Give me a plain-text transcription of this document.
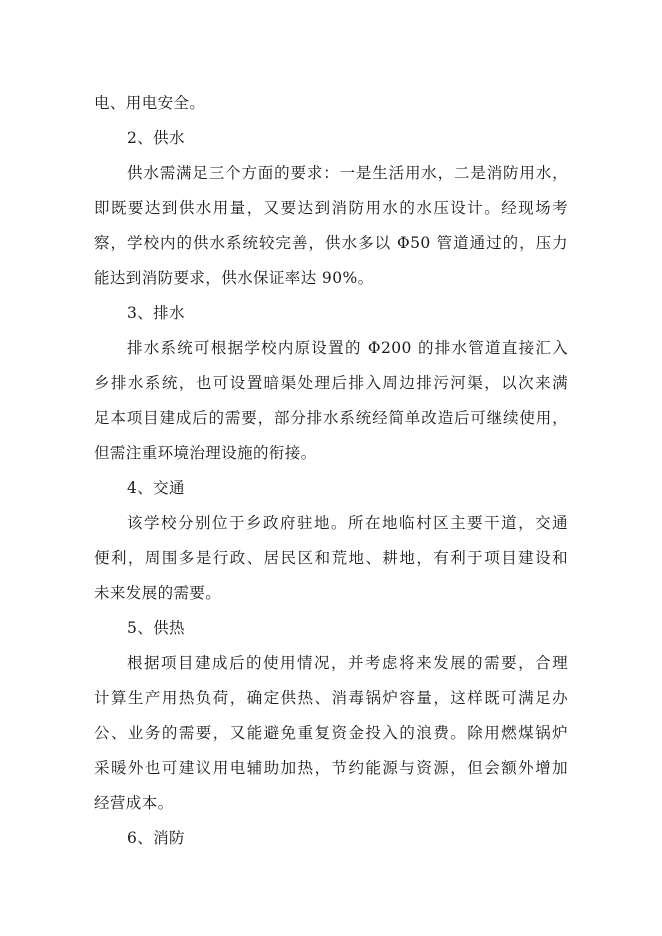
电、用电安全。
2、供水
供水需满足三个方面的要求：一是生活用水，二是消防用水，
即既要达到供水用量，又要达到消防用水的水压设计。经现场考
察，学校内的供水系统较完善，供水多以 Φ50 管道通过的，压力
能达到消防要求，供水保证率达 90%。
3、排水
排水系统可根据学校内原设置的 Φ200 的排水管道直接汇入
乡排水系统，也可设置暗渠处理后排入周边排污河渠，以次来满
足本项目建成后的需要，部分排水系统经简单改造后可继续使用，
但需注重环境治理设施的衔接。
4、交通
该学校分别位于乡政府驻地。所在地临村区主要干道，交通
便利，周围多是行政、居民区和荒地、耕地，有利于项目建设和
未来发展的需要。
5、供热
根据项目建成后的使用情况，并考虑将来发展的需要，合理
计算生产用热负荷，确定供热、消毒锅炉容量，这样既可满足办
公、业务的需要，又能避免重复资金投入的浪费。除用燃煤锅炉
采暖外也可建议用电辅助加热，节约能源与资源，但会额外增加
经营成本。
6、消防
